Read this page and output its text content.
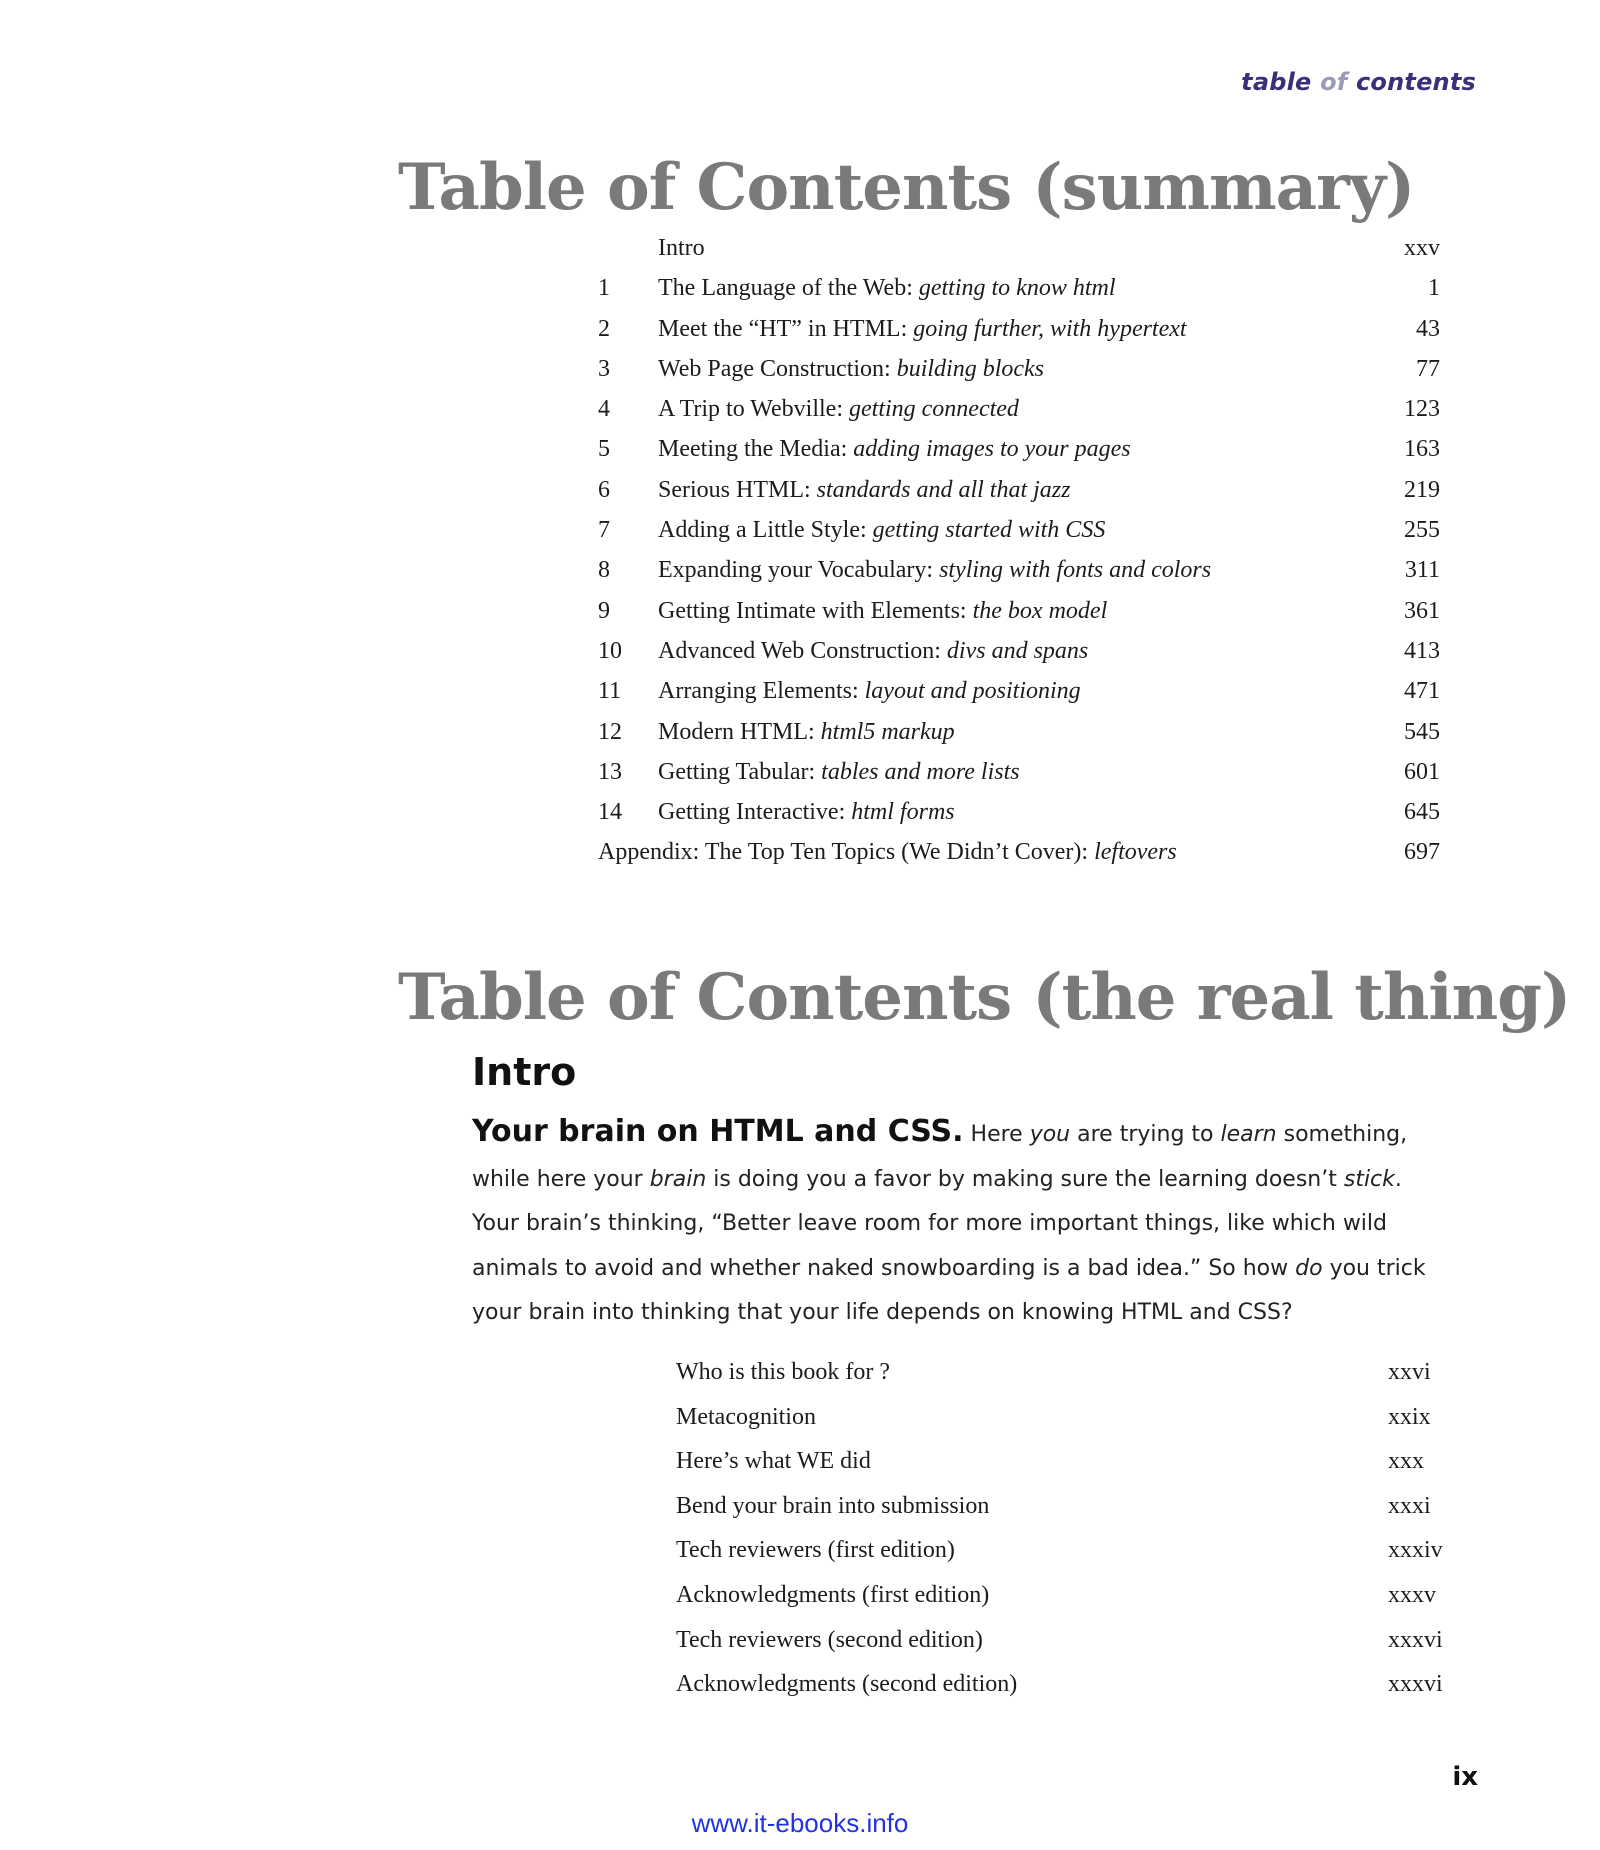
table of contents
Table of Contents (summary)
Intro	xxv
1	The Language of the Web: getting to know html	1
2	Meet the “HT” in HTML: going further, with hypertext	43
3	Web Page Construction: building blocks	77
4	A Trip to Webville: getting connected	123
5	Meeting the Media: adding images to your pages	163
6	Serious HTML: standards and all that jazz	219
7	Adding a Little Style: getting started with CSS	255
8	Expanding your Vocabulary: styling with fonts and colors	311
9	Getting Intimate with Elements: the box model	361
10	Advanced Web Construction: divs and spans	413
11	Arranging Elements: layout and positioning	471
12	Modern HTML: html5 markup	545
13	Getting Tabular: tables and more lists	601
14	Getting Interactive: html forms	645
Appendix: The Top Ten Topics (We Didn’t Cover): leftovers	697
Table of Contents (the real thing)
Intro
Your brain on HTML and CSS. Here you are trying to learn something, while here your brain is doing you a favor by making sure the learning doesn’t stick. Your brain’s thinking, “Better leave room for more important things, like which wild animals to avoid and whether naked snowboarding is a bad idea.” So how do you trick your brain into thinking that your life depends on knowing HTML and CSS?
Who is this book for ?	xxvi
Metacognition	xxix
Here’s what WE did	xxx
Bend your brain into submission	xxxi
Tech reviewers (first edition)	xxxiv
Acknowledgments (first edition)	xxxv
Tech reviewers (second edition)	xxxvi
Acknowledgments (second edition)	xxxvi
ix
www.it-ebooks.info
